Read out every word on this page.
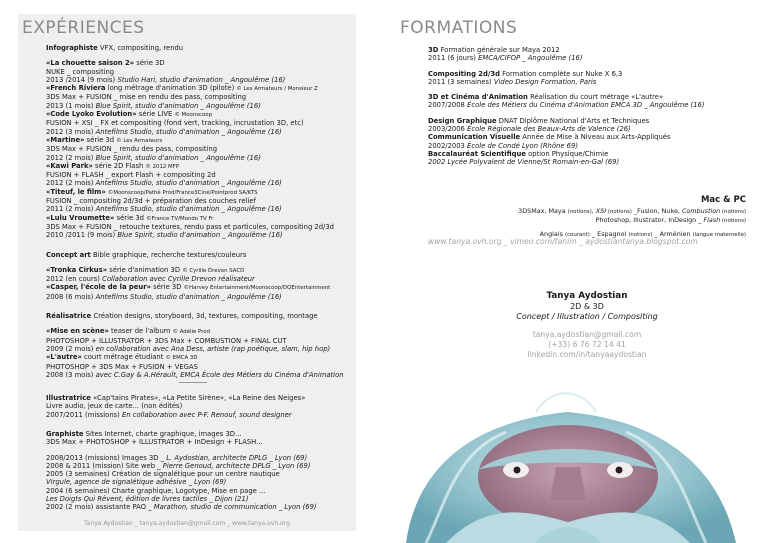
EXPÉRIENCES
Infographiste VFX, compositing, rendu
«La chouette saison 2» série 3D
NUKE _ compositing
2013 /2014 (9 mois) Studio Hari, studio d'animation _ Angoulême (16)
«French Riviera long métrage d'animation 3D (pilote) © Les Armateurs / Monsieur Z
3DS Max + FUSION _ mise en rendu des pass, compositing
2013 (1 mois) Blue Spirit, studio d'animation _ Angoulême (16)
«Code Lyoko Evolution» série LIVE © Moonscoop
FUSION + XSI _ FX et compositing (fond vert, tracking, incrustation 3D, etc)
2012 (3 mois) Antefilms Studio, studio d'animation _ Angoulême (16)
«Martine» série 3d © Les Armateurs
3DS Max + FUSION _ rendu des pass, compositing
2012 (2 mois) Blue Spirit, studio d'animation _ Angoulême (16)
«Kawi Park» série 2D Flash © 2012 MFP
FUSION + FLASH _ export Flash + compositing 2d
2012 (2 mois) Antefilms Studio, studio d'animation _ Angoulême (16)
«Titeuf, le film» ©Moonscoop/Pathé Prod/France3Ciné/Pointprod SA/KTS
FUSION _ compositing 2d/3d + préparation des couches relief
2011 (2 mois) Antefilms Studio, studio d'animation _ Angoulême (16)
«Lulu Vroumette» série 3d ©France TV/Mondo TV Fr
3DS Max + FUSION _ retouche textures, rendu pass et particules, compositing 2d/3d
2010 /2011 (9 mois) Blue Spirit, studio d'animation _ Angoulême (16)
Concept art Bible graphique, recherche textures/couleurs
«Tronka Cirkus» série d'animation 3D © Cyrille Drevon SACD
2012 (en cours) Collaboration avec Cyrille Drevon réalisateur
«Casper, l'école de la peur» série 3D ©Harvey Entertainment/Moonscoop/DQEntertainment
2008 (6 mois) Antefilms Studio, studio d'animation _ Angoulême (16)
Réalisatrice Création designs, storyboard, 3d, textures, compositing, montage
«Mise en scène» teaser de l'album © Adélie Prod
PHOTOSHOP + ILLUSTRATOR + 3DS Max + COMBUSTION + FINAL CUT
2009 (2 mois) en collaboration avec Ana Dess, artiste (rap poétique, slam, hip hop)
«L'autre» court métrage étudiant © EMCA 3D
PHOTOSHOP + 3DS Max + FUSION + VEGAS
2008 (3 mois) avec C.Gay & A.Hérault, EMCA École des Métiers du Cinéma d'Animation
Illustratrice «Cap'tains Pirates», «La Petite Sirène», «La Reine des Neiges»
Livre audio, jeux de carte... (non édités)
2007/2011 (missions) En collaboration avec P-F. Renouf, sound designer
Graphiste Sites Internet, charte graphique, images 3D...
3DS Max + PHOTOSHOP + ILLUSTRATOR + InDesign + FLASH...
2008/2013 (missions) Images 3D _ L. Aydostian, architecte DPLG _ Lyon (69)
2008 & 2011 (mission) Site web _ Pierre Genoud, architecte DPLG _ Lyon (69)
2005 (3 semaines) Création de signalétique pour un centre nautique
Virgule, agence de signalétique adhésive _ Lyon (69)
2004 (6 semaines) Charte graphique, Logotype, Mise en page ...
Les Doigts Qui Rêvent, édition de livres tactiles _ Dijon (21)
2002 (2 mois) assistante PAO _ Marathon, studio de communication _ Lyon (69)
Tanya Aydostian _ tanya.aydostian@gmail.com _ www.tanya.ovh.org
FORMATIONS
3D Formation générale sur Maya 2012
2011 (6 jours) EMCA/CIFOP _ Angoulême (16)
Compositing 2d/3d Formation complète sur Nuke X 6,3
2011 (3 semaines) Video Design Formation, Paris
3D et Cinéma d'Animation Réalisation du court métrage «L'autre»
2007/2008 École des Métiers du Cinéma d'Animation EMCA 3D _ Angoulême (16)
Design Graphique DNAT Diplôme National d'Arts et Techniques
2003/2006 École Régionale des Beaux-Arts de Valence (26)
Communication Visuelle Année de Mise à Niveau aux Arts-Appliqués
2002/2003 École de Condé Lyon (Rhône 69)
Baccalauréat Scientifique option Physique/Chimie
2002 Lycée Polyvalent de Vienne/St Romain-en-Gal (69)
Mac & PC
3DSMax, Maya (notions), XSI (notions) _Fusion, Nuke, Combustion (notions)
Photoshop, Illustrator, InDesign _ Flash (notions)
Anglais (courant) _ Espagnol (notions) _ Arménien (langue maternelle)
www.tanya.ovh.org _ vimeo.com/tanim _ aydostiantanya.blogspot.com
Tanya Aydostian
2D & 3D
Concept / Illustration / Compositing
tanya.aydostian@gmail.com
(+33) 6 76 72 14 41
linkedin.com/in/tanyaaydostian
